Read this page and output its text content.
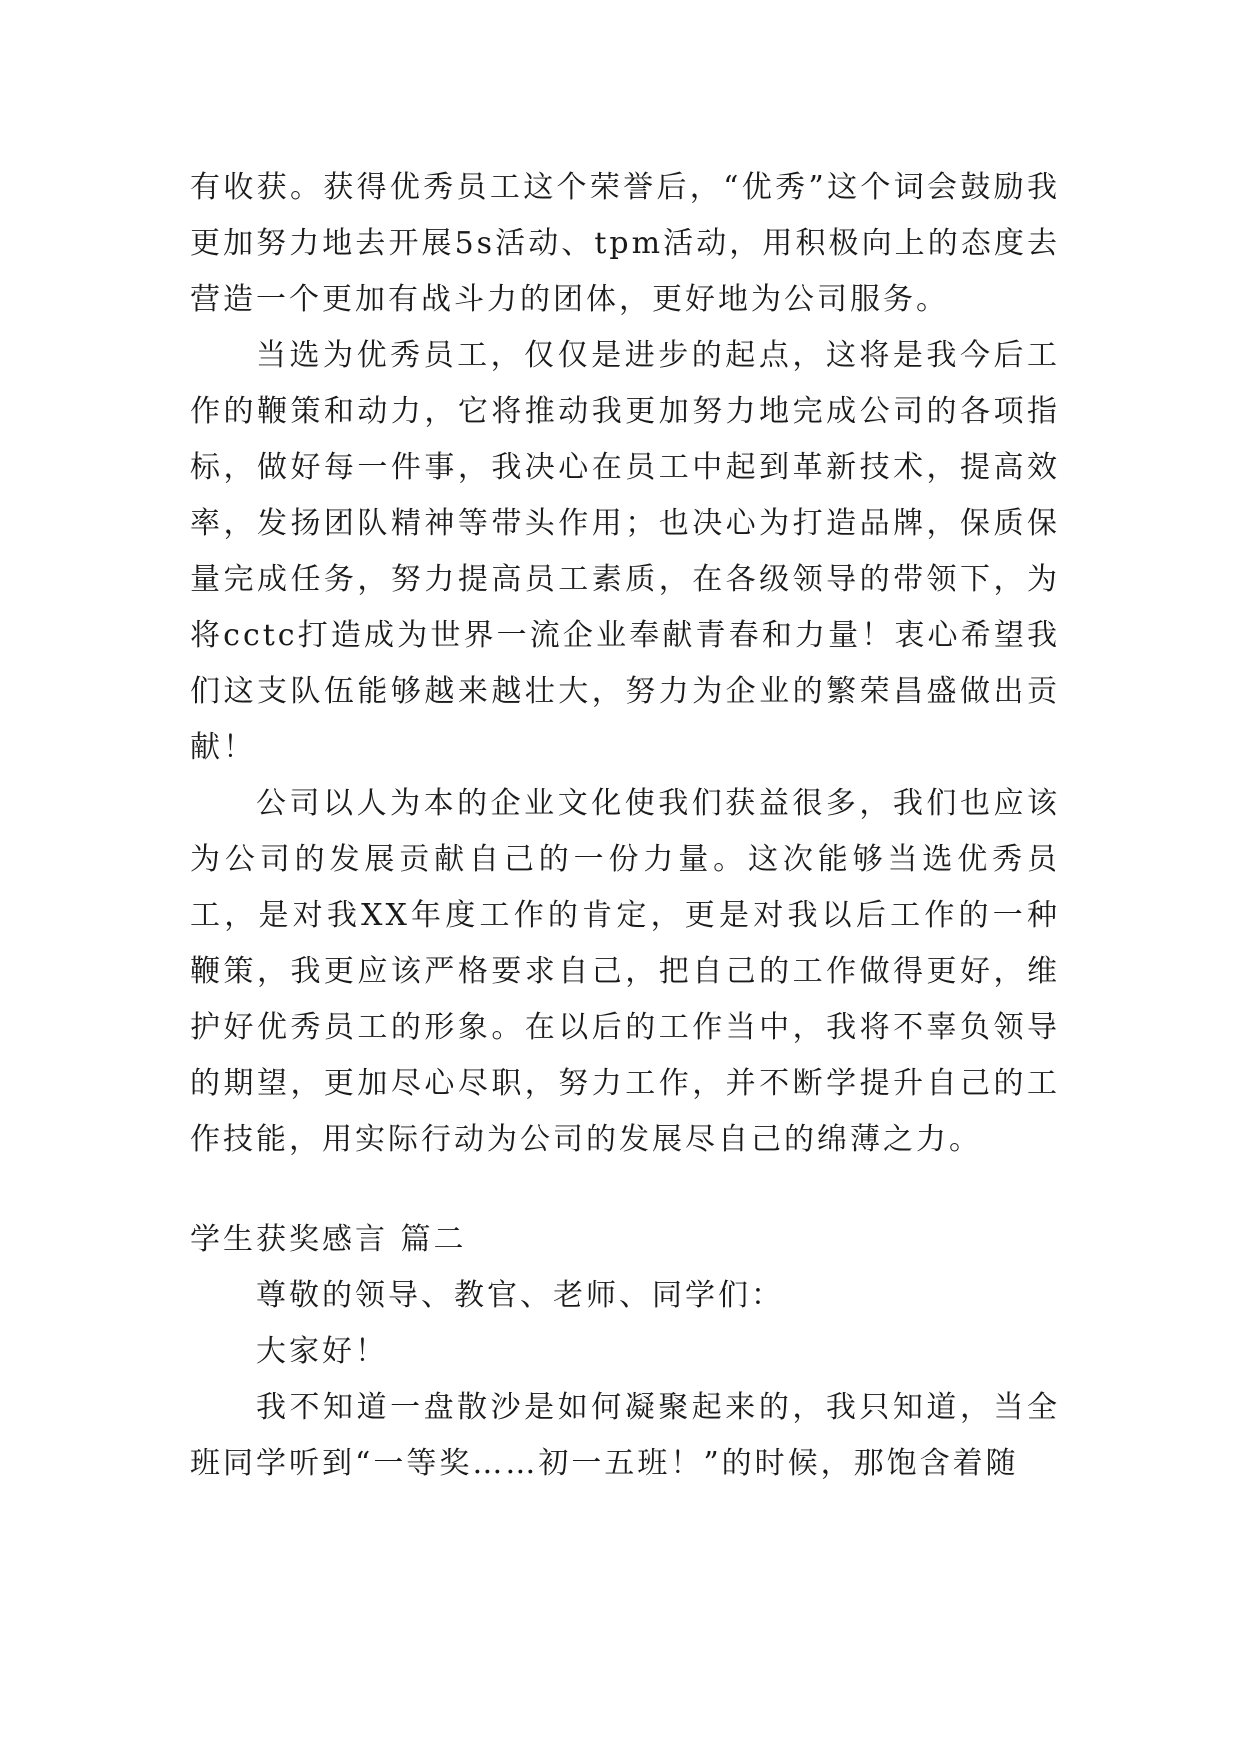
有收获。获得优秀员工这个荣誉后，“优秀”这个词会鼓励我更加努力地去开展5s活动、tpm活动，用积极向上的态度去营造一个更加有战斗力的团体，更好地为公司服务。

当选为优秀员工，仅仅是进步的起点，这将是我今后工作的鞭策和动力，它将推动我更加努力地完成公司的各项指标，做好每一件事，我决心在员工中起到革新技术，提高效率，发扬团队精神等带头作用；也决心为打造品牌，保质保量完成任务，努力提高员工素质，在各级领导的带领下，为将cctc打造成为世界一流企业奉献青春和力量！衷心希望我们这支队伍能够越来越壮大，努力为企业的繁荣昌盛做出贡献！

公司以人为本的企业文化使我们获益很多，我们也应该为公司的发展贡献自己的一份力量。这次能够当选优秀员工，是对我XX年度工作的肯定，更是对我以后工作的一种鞭策，我更应该严格要求自己，把自己的工作做得更好，维护好优秀员工的形象。在以后的工作当中，我将不辜负领导的期望，更加尽心尽职，努力工作，并不断学提升自己的工作技能，用实际行动为公司的发展尽自己的绵薄之力。

学生获奖感言 篇二

尊敬的领导、教官、老师、同学们：

大家好！

我不知道一盘散沙是如何凝聚起来的，我只知道，当全班同学听到“一等奖……初一五班！”的时候，那饱含着随
